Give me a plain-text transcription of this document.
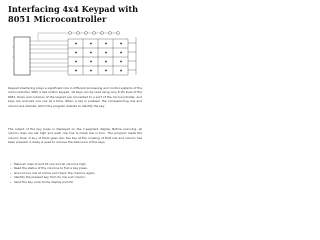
Interfacing 4x4 Keypad with 8051 Microcontroller

Keypad interfacing plays a significant role in different processing and control systems of the microcontroller. With a 4x4 matrix keypad, 16 keys can be read using only 8 I/O lines of the 8051. Rows and columns of the keypad are connected to a port of the microcontroller, and keys are scanned one row at a time. When a key is pressed, the corresponding row and column are shorted, which the program detects to identify the key.

The output of the key press is displayed on the 7-segment display. Before scanning, all column lines are set high and each row line is made low in turn. The program reads the column lines; if any of them goes low, the key at the crossing of that row and column has been pressed. A delay is used to remove the debounce of the keys.

• Make all rows of port P1 low and all columns high.
• Read the status of the columns to find a key press.
• Ground one row at a time and check the columns again.
• Identify the pressed key from its row and column.
• Send the key code to the display port P2.
